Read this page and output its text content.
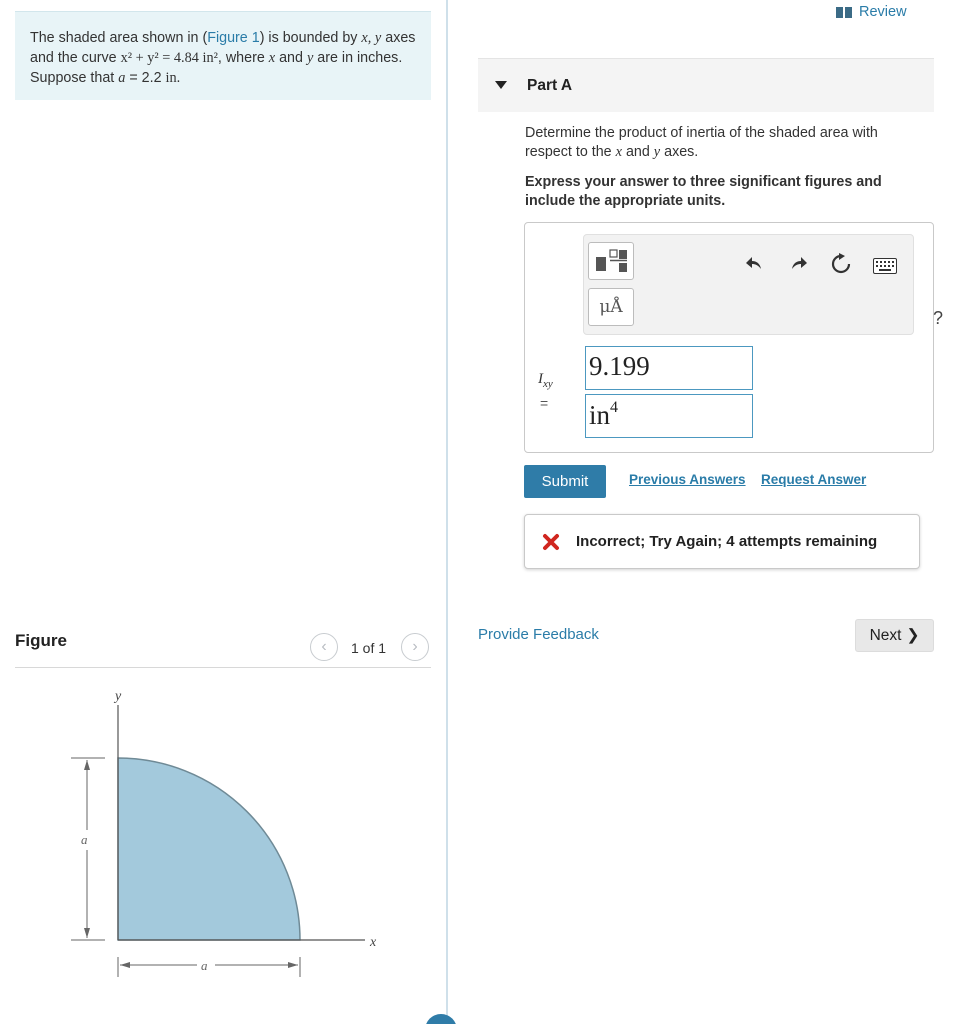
The shaded area shown in (Figure 1) is bounded by x, y axes and the curve x² + y² = 4.84 in², where x and y are in inches. Suppose that a = 2.2 in.
Figure	‹ 1 of 1 ›
y
x
a
a
Review
Part A
Determine the product of inertia of the shaded area with respect to the x and y axes.
Express your answer to three significant figures and include the appropriate units.
μÅ
?
$I_{xy}$
=
9.199
$in^4$
Submit	Previous Answers Request Answer
Incorrect; Try Again; 4 attempts remaining
Provide Feedback	Next ❯
